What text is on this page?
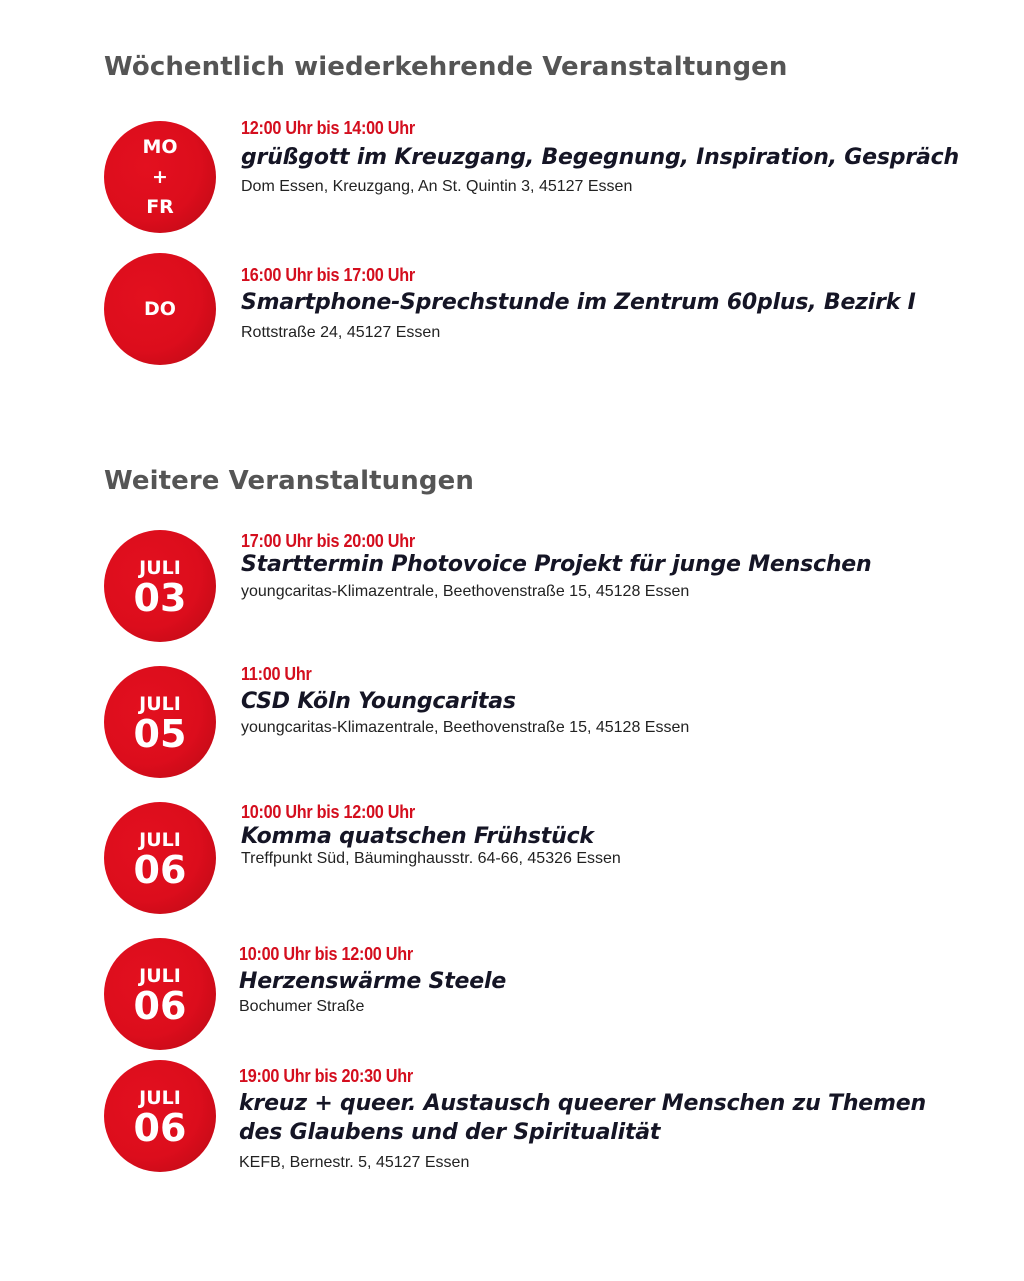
Wöchentlich wiederkehrende Veranstaltungen
MO
+
FR
12:00 Uhr bis 14:00 Uhr
grüßgott im Kreuzgang, Begegnung, Inspiration, Gespräch
Dom Essen, Kreuzgang, An St. Quintin 3, 45127 Essen
DO
16:00 Uhr bis 17:00 Uhr
Smartphone-Sprechstunde im Zentrum 60plus, Bezirk I
Rottstraße 24, 45127 Essen
Weitere Veranstaltungen
JULI
03
17:00 Uhr bis 20:00 Uhr
Starttermin Photovoice Projekt für junge Menschen
youngcaritas-Klimazentrale, Beethovenstraße 15, 45128 Essen
JULI
05
11:00 Uhr
CSD Köln Youngcaritas
youngcaritas-Klimazentrale, Beethovenstraße 15, 45128 Essen
JULI
06
10:00 Uhr bis 12:00 Uhr
Komma quatschen Frühstück
Treffpunkt Süd, Bäuminghausstr. 64-66, 45326 Essen
JULI
06
10:00 Uhr bis 12:00 Uhr
Herzenswärme Steele
Bochumer Straße
JULI
06
19:00 Uhr bis 20:30 Uhr
kreuz + queer. Austausch queerer Menschen zu Themen des Glaubens und der Spiritualität
KEFB, Bernestr. 5, 45127 Essen
